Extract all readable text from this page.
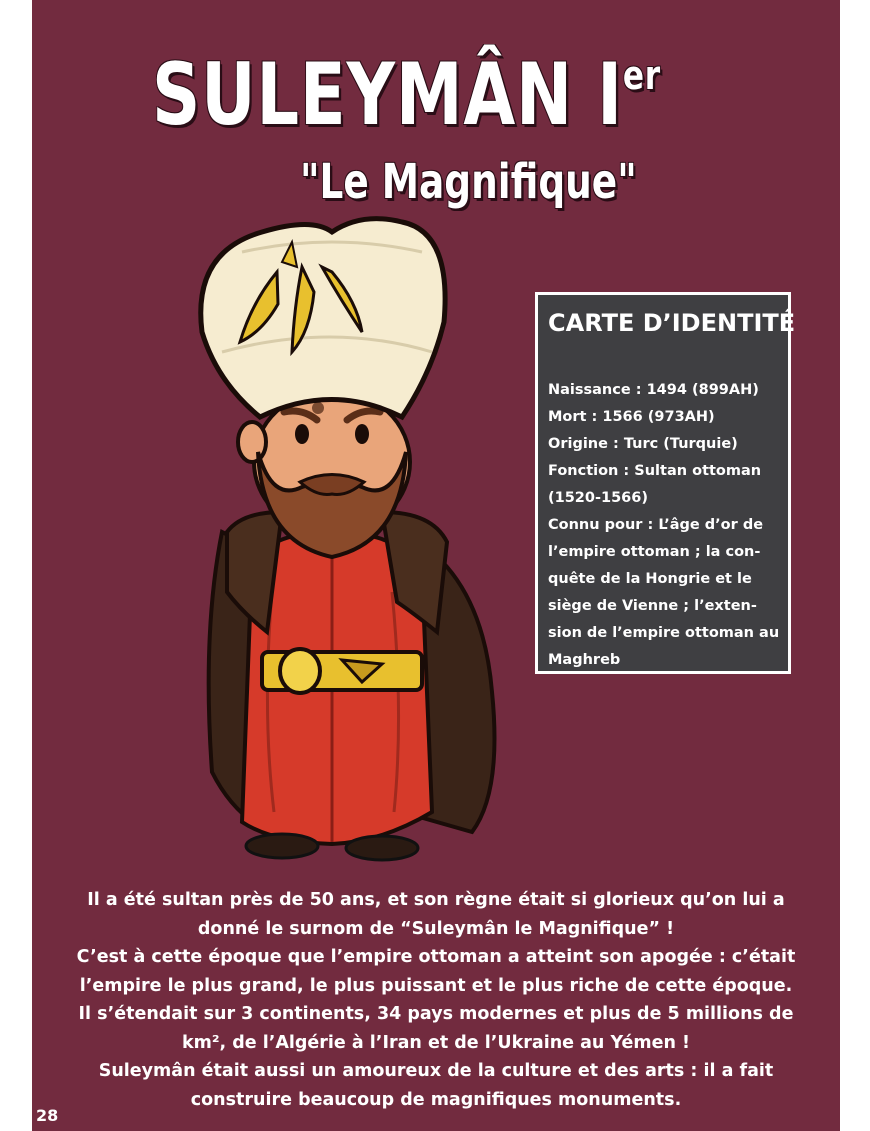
SULEYMÂN Ier
"Le Magnifique"
CARTE D’IDENTITÉ
Naissance : 1494 (899AH)
Mort : 1566 (973AH)
Origine : Turc (Turquie)
Fonction : Sultan ottoman
(1520-1566)
Connu pour : L’âge d’or de
l’empire ottoman ; la con-
quête de la Hongrie et le
siège de Vienne ; l’exten-
sion de l’empire ottoman au
Maghreb
Il a été sultan près de 50 ans, et son règne était si glorieux qu’on lui a
donné le surnom de “Suleymân le Magnifique” !
C’est à cette époque que l’empire ottoman a atteint son apogée : c’était
l’empire le plus grand, le plus puissant et le plus riche de cette époque.
Il s’étendait sur 3 continents, 34 pays modernes et plus de 5 millions de
km², de l’Algérie à l’Iran et de l’Ukraine au Yémen !
Suleymân était aussi un amoureux de la culture et des arts : il a fait
construire beaucoup de magnifiques monuments.
28
